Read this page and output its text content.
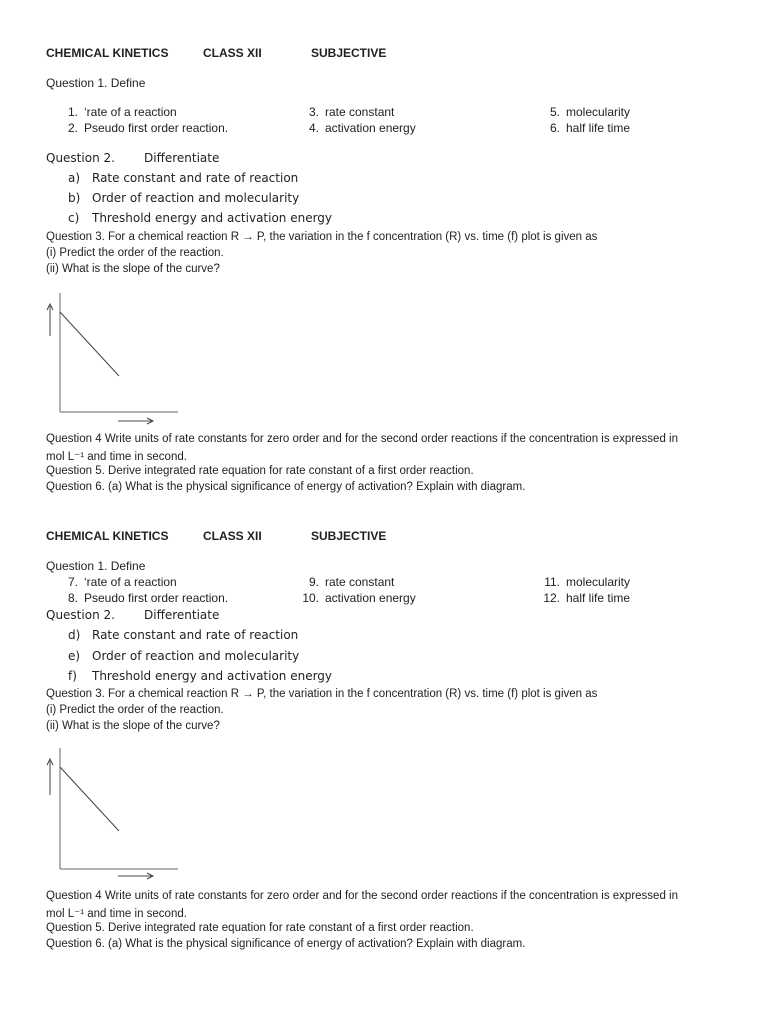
CHEMICAL KINETICS	CLASS XII	SUBJECTIVE
Question 1. Define
1. ‘rate of a reaction
2. Pseudo first order reaction.
3. rate constant
4. activation energy
5. molecularity
6. half life time
Question 2. Differentiate
a) Rate constant and rate of reaction
b) Order of reaction and molecularity
c) Threshold energy and activation energy
Question 3. For a chemical reaction R → P, the variation in the f concentration (R) vs. time (f) plot is given as
(i) Predict the order of the reaction.
(ii) What is the slope of the curve?
Question 4 Write units of rate constants for zero order and for the second order reactions if the concentration is expressed in
mol L⁻¹ and time in second.
Question 5. Derive integrated rate equation for rate constant of a first order reaction.
Question 6. (a) What is the physical significance of energy of activation? Explain with diagram.
CHEMICAL KINETICS	CLASS XII	SUBJECTIVE
Question 1. Define
7. ‘rate of a reaction
8. Pseudo first order reaction.
9. rate constant
10. activation energy
11. molecularity
12. half life time
Question 2. Differentiate
d) Rate constant and rate of reaction
e) Order of reaction and molecularity
f) Threshold energy and activation energy
Question 3. For a chemical reaction R → P, the variation in the f concentration (R) vs. time (f) plot is given as
(i) Predict the order of the reaction.
(ii) What is the slope of the curve?
Question 4 Write units of rate constants for zero order and for the second order reactions if the concentration is expressed in
mol L⁻¹ and time in second.
Question 5. Derive integrated rate equation for rate constant of a first order reaction.
Question 6. (a) What is the physical significance of energy of activation? Explain with diagram.
